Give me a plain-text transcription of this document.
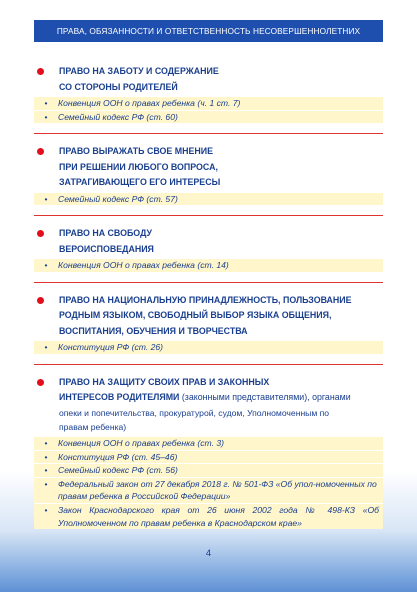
ПРАВА, ОБЯЗАННОСТИ И ОТВЕТСТВЕННОСТЬ НЕСОВЕРШЕННОЛЕТНИХ
ПРАВО НА ЗАБОТУ И СОДЕРЖАНИЕ
СО СТОРОНЫ РОДИТЕЛЕЙ
•	Конвенция ООН о правах ребенка (ч. 1 ст. 7)
•	Семейный кодекс РФ (ст. 60)
ПРАВО ВЫРАЖАТЬ СВОЕ МНЕНИЕ
ПРИ РЕШЕНИИ ЛЮБОГО ВОПРОСА,
ЗАТРАГИВАЮЩЕГО ЕГО ИНТЕРЕСЫ
•	Семейный кодекс РФ (ст. 57)
ПРАВО НА СВОБОДУ
ВЕРОИСПОВЕДАНИЯ
•	Конвенция ООН о правах ребенка (ст. 14)
ПРАВО НА НАЦИОНАЛЬНУЮ ПРИНАДЛЕЖНОСТЬ, ПОЛЬЗОВАНИЕ
РОДНЫМ ЯЗЫКОМ, СВОБОДНЫЙ ВЫБОР ЯЗЫКА ОБЩЕНИЯ,
ВОСПИТАНИЯ, ОБУЧЕНИЯ И ТВОРЧЕСТВА
•	Конституция РФ (ст. 26)
ПРАВО НА ЗАЩИТУ СВОИХ ПРАВ И ЗАКОННЫХ
ИНТЕРЕСОВ РОДИТЕЛЯМИ (законными представителями), органами
опеки и попечительства, прокуратурой, судом, Уполномоченным по
правам ребенка)
•	Конвенция ООН о правах ребенка (ст. 3)
•	Конституция РФ (ст. 45–46)
•	Семейный кодекс РФ (ст. 56)
•	Федеральный закон от 27 декабря 2018 г. № 501-ФЗ «Об упол-номоченных по правам ребенка в Российской Федерации»
•	Закон Краснодарского края от 26 июня 2002 года № 498-КЗ «Об Уполномоченном по правам ребенка в Краснодарском крае»
4
